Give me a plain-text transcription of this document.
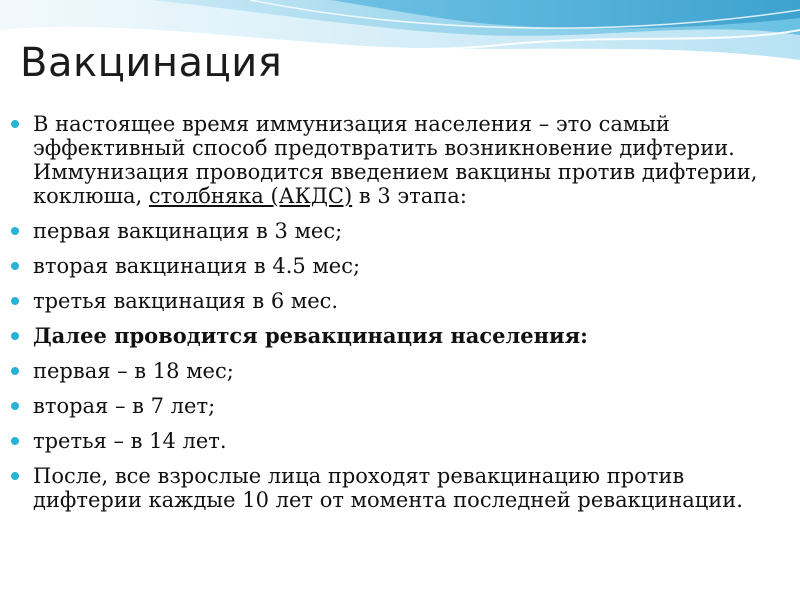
Вакцинация
В настоящее время иммунизация населения – это самый эффективный способ предотвратить возникновение дифтерии. Иммунизация проводится введением вакцины против дифтерии, коклюша, столбняка (АКДС) в 3 этапа:
первая вакцинация в 3 мес;
вторая вакцинация в 4.5 мес;
третья вакцинация в 6 мес.
Далее проводится ревакцинация населения:
первая – в 18 мес;
вторая – в 7 лет;
третья – в 14 лет.
После, все взрослые лица проходят ревакцинацию против дифтерии каждые 10 лет от момента последней ревакцинации.
